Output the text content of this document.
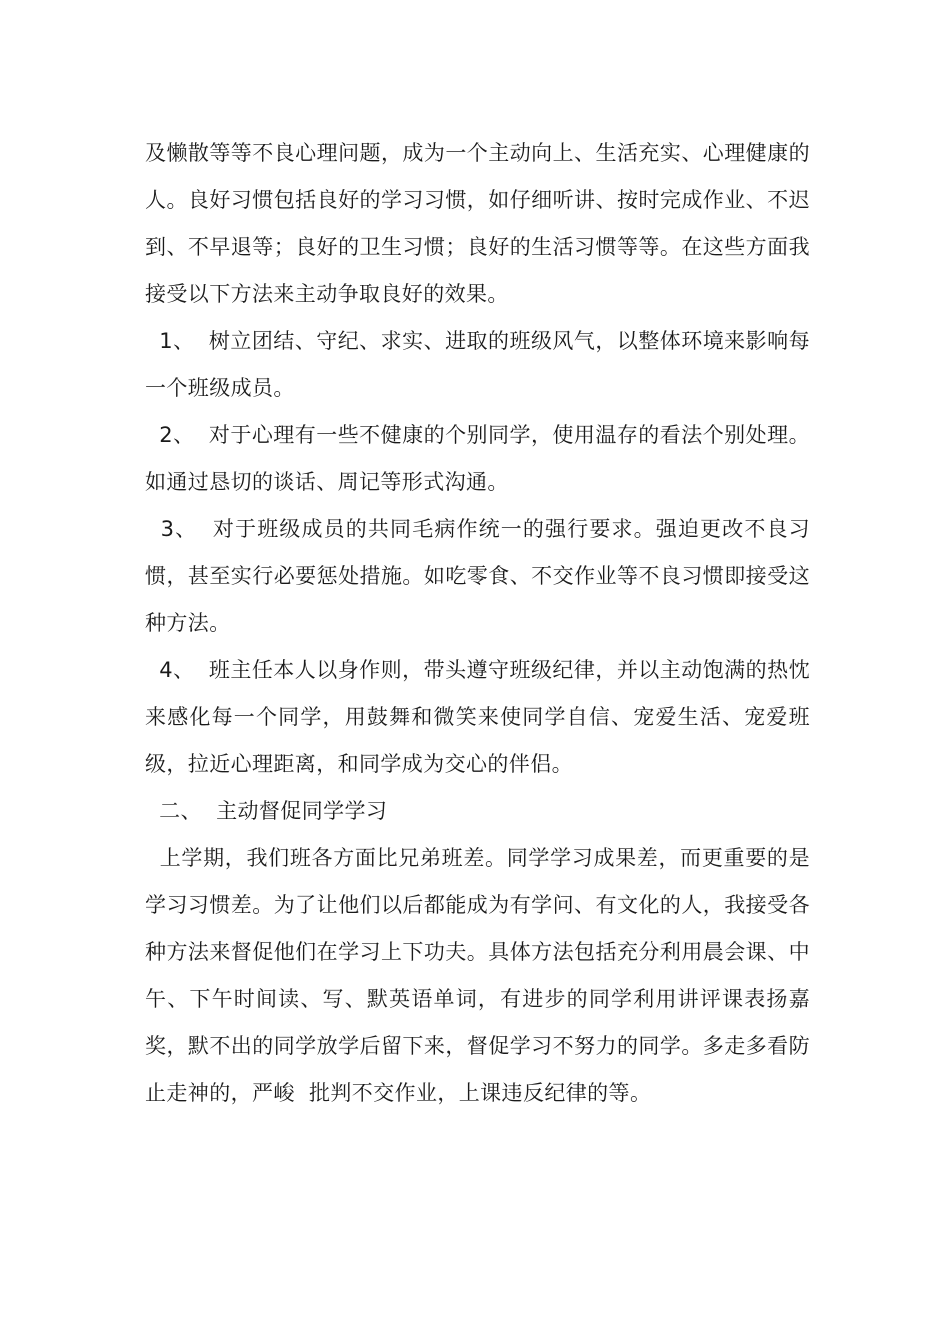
及懒散等等不良心理问题，成为一个主动向上、生活充实、心理健康的人。良好习惯包括良好的学习习惯，如仔细听讲、按时完成作业、不迟到、不早退等；良好的卫生习惯；良好的生活习惯等等。在这些方面我接受以下方法来主动争取良好的效果。

1、  树立团结、守纪、求实、进取的班级风气，以整体环境来影响每一个班级成员。

2、  对于心理有一些不健康的个别同学，使用温存的看法个别处理。如通过恳切的谈话、周记等形式沟通。

3、  对于班级成员的共同毛病作统一的强行要求。强迫更改不良习惯，甚至实行必要惩处措施。如吃零食、不交作业等不良习惯即接受这种方法。

4、  班主任本人以身作则，带头遵守班级纪律，并以主动饱满的热忱来感化每一个同学，用鼓舞和微笑来使同学自信、宠爱生活、宠爱班级，拉近心理距离，和同学成为交心的伴侣。

二、  主动督促同学学习

上学期，我们班各方面比兄弟班差。同学学习成果差，而更重要的是学习习惯差。为了让他们以后都能成为有学问、有文化的人，我接受各种方法来督促他们在学习上下功夫。具体方法包括充分利用晨会课、中午、下午时间读、写、默英语单词，有进步的同学利用讲评课表扬嘉奖，默不出的同学放学后留下来，督促学习不努力的同学。多走多看防止走神的，严峻  批判不交作业，上课违反纪律的等。
